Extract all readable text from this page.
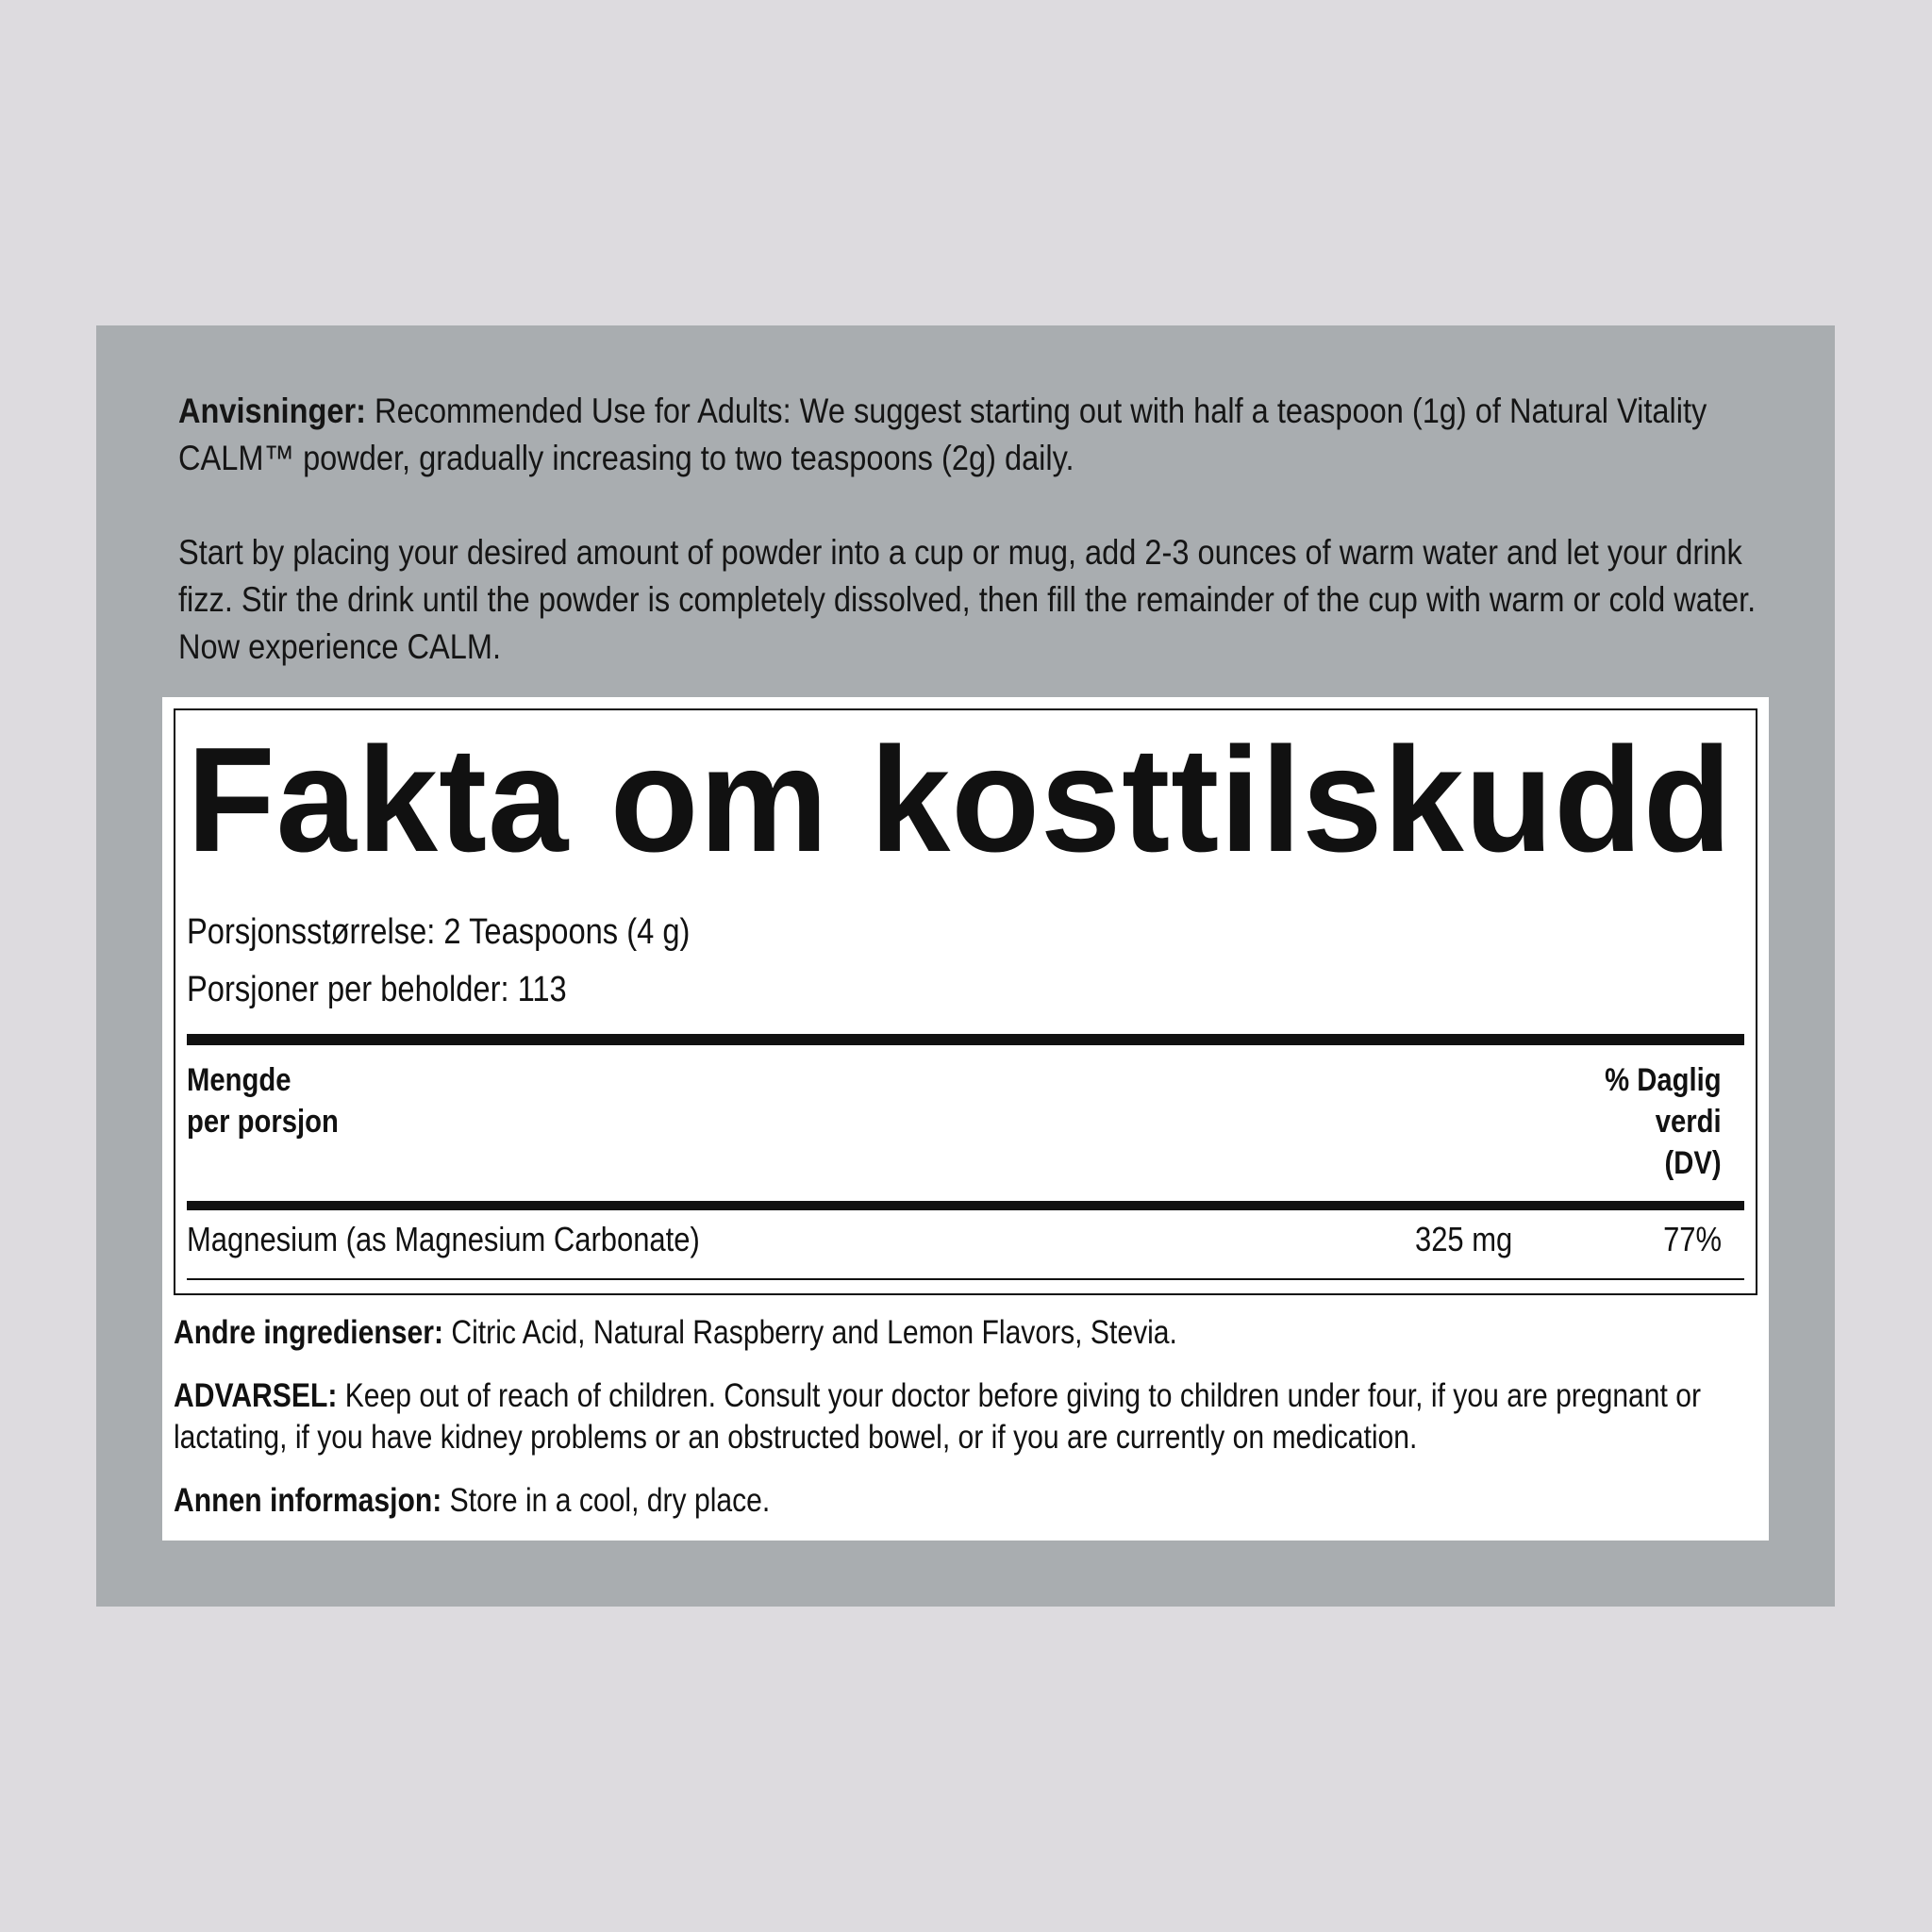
Anvisninger: Recommended Use for Adults: We suggest starting out with half a teaspoon (1g) of Natural Vitality CALM™ powder, gradually increasing to two teaspoons (2g) daily.

Start by placing your desired amount of powder into a cup or mug, add 2-3 ounces of warm water and let your drink fizz. Stir the drink until the powder is completely dissolved, then fill the remainder of the cup with warm or cold water. Now experience CALM.

Fakta om kosttilskudd
Porsjonsstørrelse: 2 Teaspoons (4 g)
Porsjoner per beholder: 113
Mengde
per porsjon
% Daglig
verdi
(DV)
Magnesium (as Magnesium Carbonate)	325 mg	77%
Andre ingredienser: Citric Acid, Natural Raspberry and Lemon Flavors, Stevia.
ADVARSEL: Keep out of reach of children. Consult your doctor before giving to children under four, if you are pregnant or lactating, if you have kidney problems or an obstructed bowel, or if you are currently on medication.
Annen informasjon: Store in a cool, dry place.
